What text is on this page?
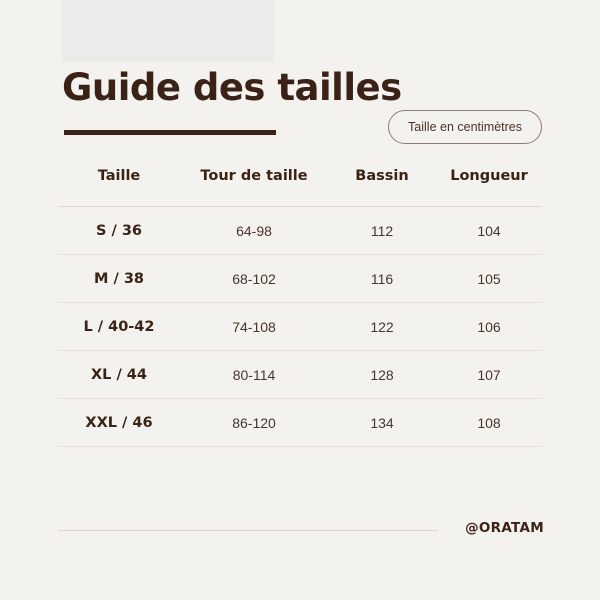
Guide des tailles
Taille en centimètres
Taille	Tour de taille	Bassin	Longueur
S / 36	64-98	112	104
M / 38	68-102	116	105
L / 40-42	74-108	122	106
XL / 44	80-114	128	107
XXL / 46	86-120	134	108
@ORATAM
